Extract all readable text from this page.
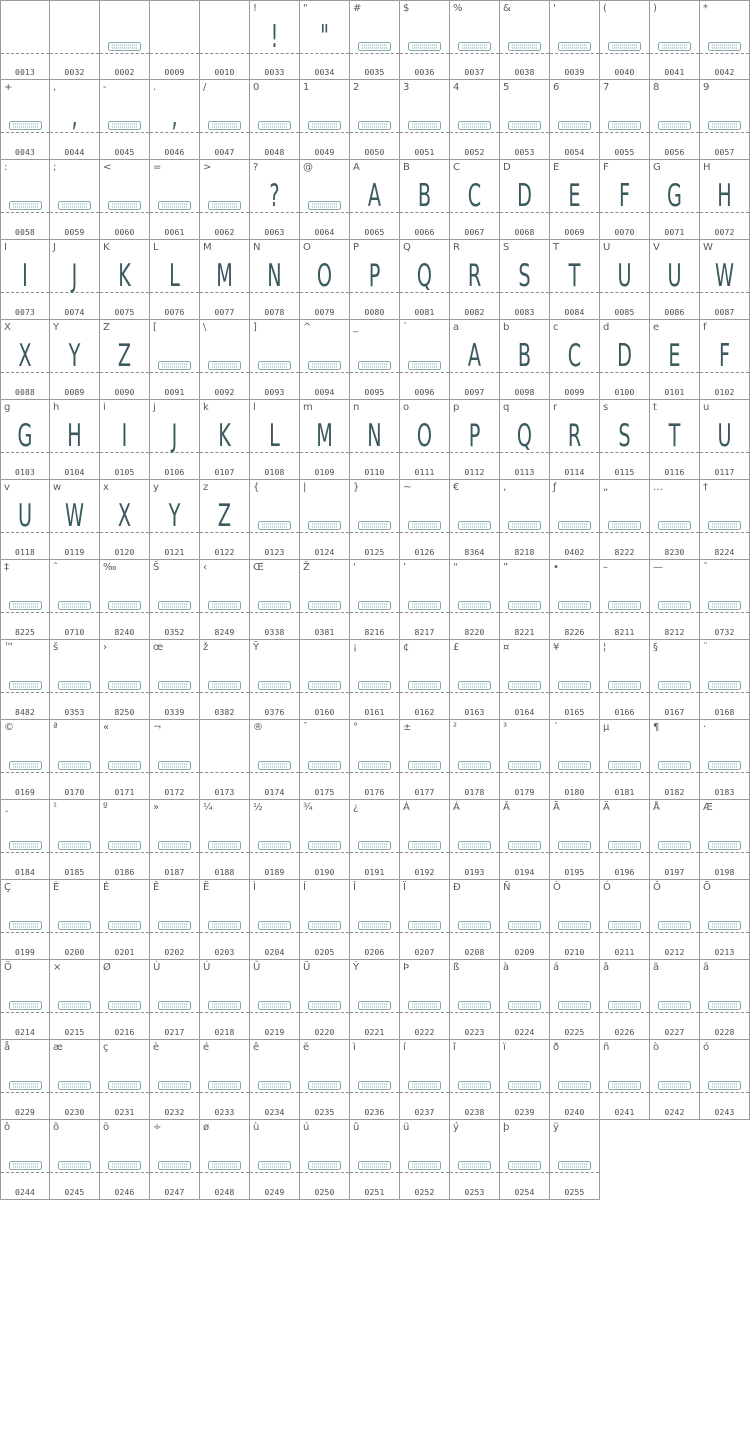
0013	0032	0002	0009	0010
!
!
0033
"
"
0034
#
0035
$
0036
%
0037
&
0038
'
0039
(
0040
)
0041
*
0042
+
0043
,
,
0044
-
0045
.
,
0046
/
0047
0
0048
1
0049
2
0050
3
0051
4
0052
5
0053
6
0054
7
0055
8
0056
9
0057
:
0058
;
0059
<
0060
=
0061
>
0062
?
?
0063
@
0064
A
A
0065
B
B
0066
C
C
0067
D
D
0068
E
E
0069
F
F
0070
G
G
0071
H
H
0072
I
I
0073
J
J
0074
K
K
0075
L
L
0076
M
M
0077
N
N
0078
O
O
0079
P
P
0080
Q
Q
0081
R
R
0082
S
S
0083
T
T
0084
U
U
0085
V
U
0086
W
W
0087
X
X
0088
Y
Y
0089
Z
Z
0090
[
0091
\
0092
]
0093
^
0094
_
0095
`
0096
a
A
0097
b
B
0098
c
C
0099
d
D
0100
e
E
0101
f
F
0102
g
G
0103
h
H
0104
i
I
0105
j
J
0106
k
K
0107
l
L
0108
m
M
0109
n
N
0110
o
O
0111
p
P
0112
q
Q
0113
r
R
0114
s
S
0115
t
T
0116
u
U
0117
v
U
0118
w
W
0119
x
X
0120
y
Y
0121
z
Z
0122
{
0123
|
0124
}
0125
~
0126
€
8364
‚
8218
ƒ
0402
„
8222
…
8230
†
8224
‡
8225
ˆ
0710
‰
8240
Š
0352
‹
8249
Œ
0338
Ž
0381
‘
8216
’
8217
“
8220
”
8221
•
8226
–
8211
—
8212
˜
0732
™
8482
š
0353
›
8250
œ
0339
ž
0382
Ÿ
0376	0160
¡
0161
¢
0162
£
0163
¤
0164
¥
0165
¦
0166
§
0167
¨
0168
©
0169
ª
0170
«
0171
¬
0172	0173
®
0174
¯
0175
°
0176
±
0177
²
0178
³
0179
´
0180
µ
0181
¶
0182
·
0183
¸
0184
¹
0185
º
0186
»
0187
¼
0188
½
0189
¾
0190
¿
0191
À
0192
Á
0193
Â
0194
Ã
0195
Ä
0196
Å
0197
Æ
0198
Ç
0199
È
0200
É
0201
Ê
0202
Ë
0203
Ì
0204
Í
0205
Î
0206
Ï
0207
Ð
0208
Ñ
0209
Ò
0210
Ó
0211
Ô
0212
Õ
0213
Ö
0214
×
0215
Ø
0216
Ù
0217
Ú
0218
Û
0219
Ü
0220
Ý
0221
Þ
0222
ß
0223
à
0224
á
0225
â
0226
ã
0227
ä
0228
å
0229
æ
0230
ç
0231
è
0232
é
0233
ê
0234
ë
0235
ì
0236
í
0237
î
0238
ï
0239
ð
0240
ñ
0241
ò
0242
ó
0243
ô
0244
õ
0245
ö
0246
÷
0247
ø
0248
ù
0249
ú
0250
û
0251
ü
0252
ý
0253
þ
0254
ÿ
0255
